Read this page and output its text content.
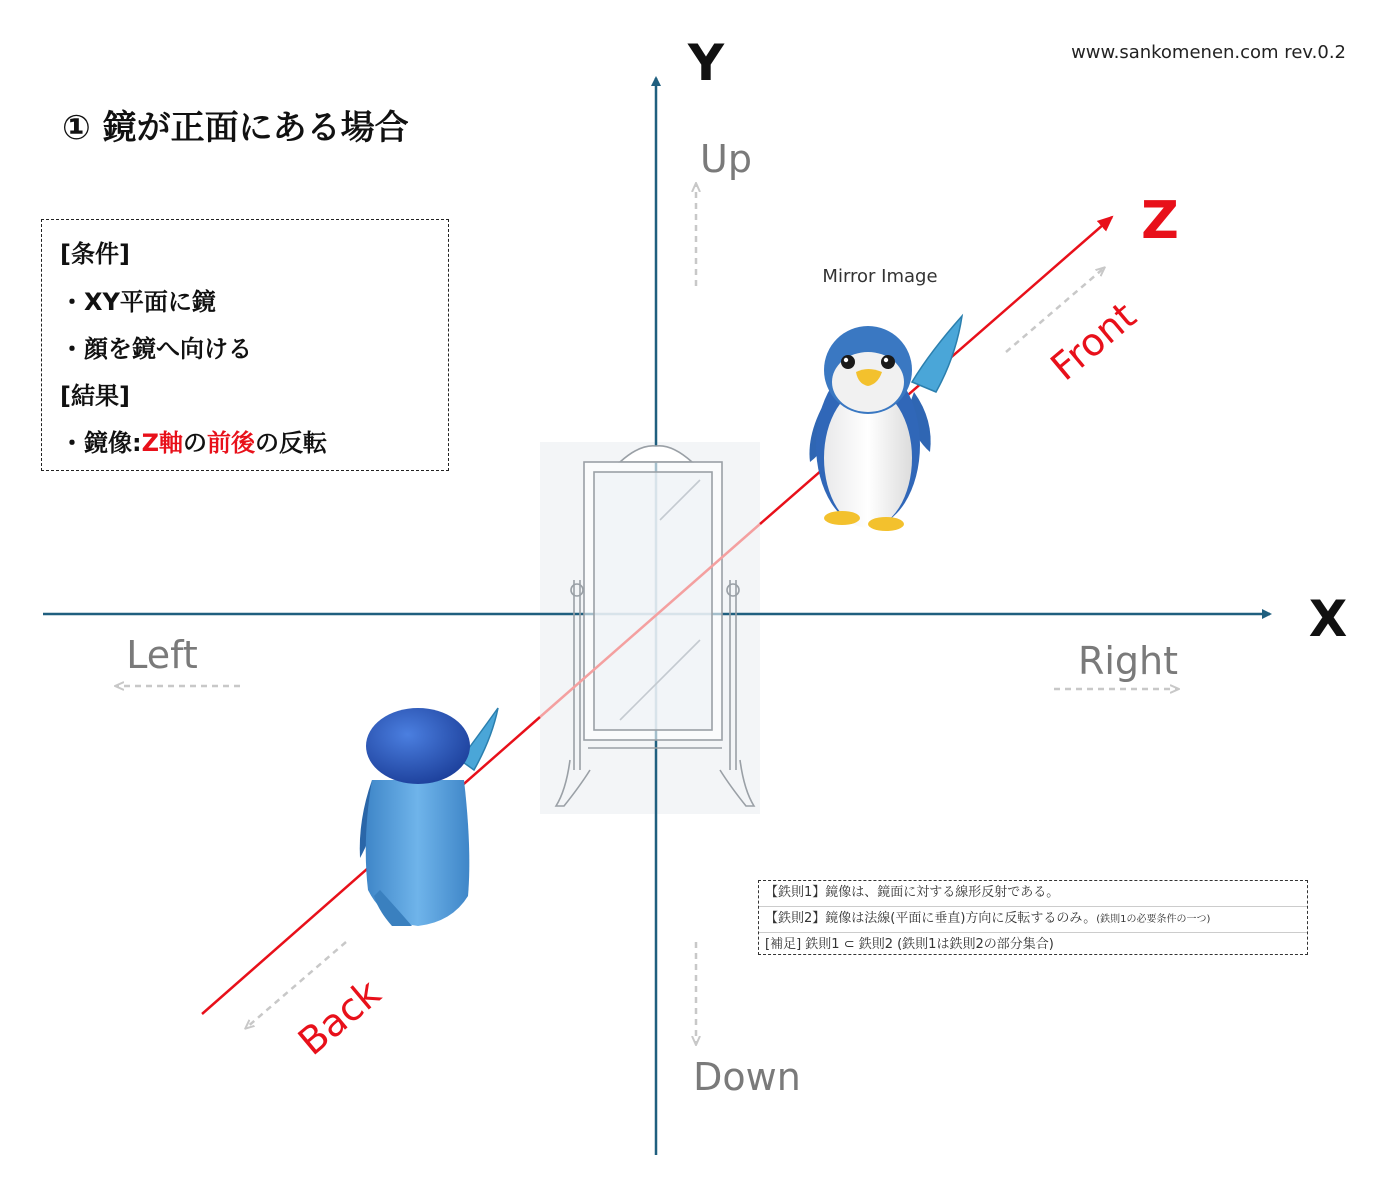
Y
X
Z
Up
Down
Left	Right
Front
Back
Mirror Image
www.sankomenen.com rev.0.2
① 鏡が正面にある場合
[条件]
・XY平面に鏡
・顔を鏡へ向ける
[結果]
・鏡像:Z軸の前後の反転
【鉄則1】鏡像は、鏡面に対する線形反射である。
【鉄則2】鏡像は法線(平面に垂直)方向に反転するのみ。(鉄則1の必要条件の一つ)
[補足] 鉄則1 ⊂ 鉄則2 (鉄則1は鉄則2の部分集合)
